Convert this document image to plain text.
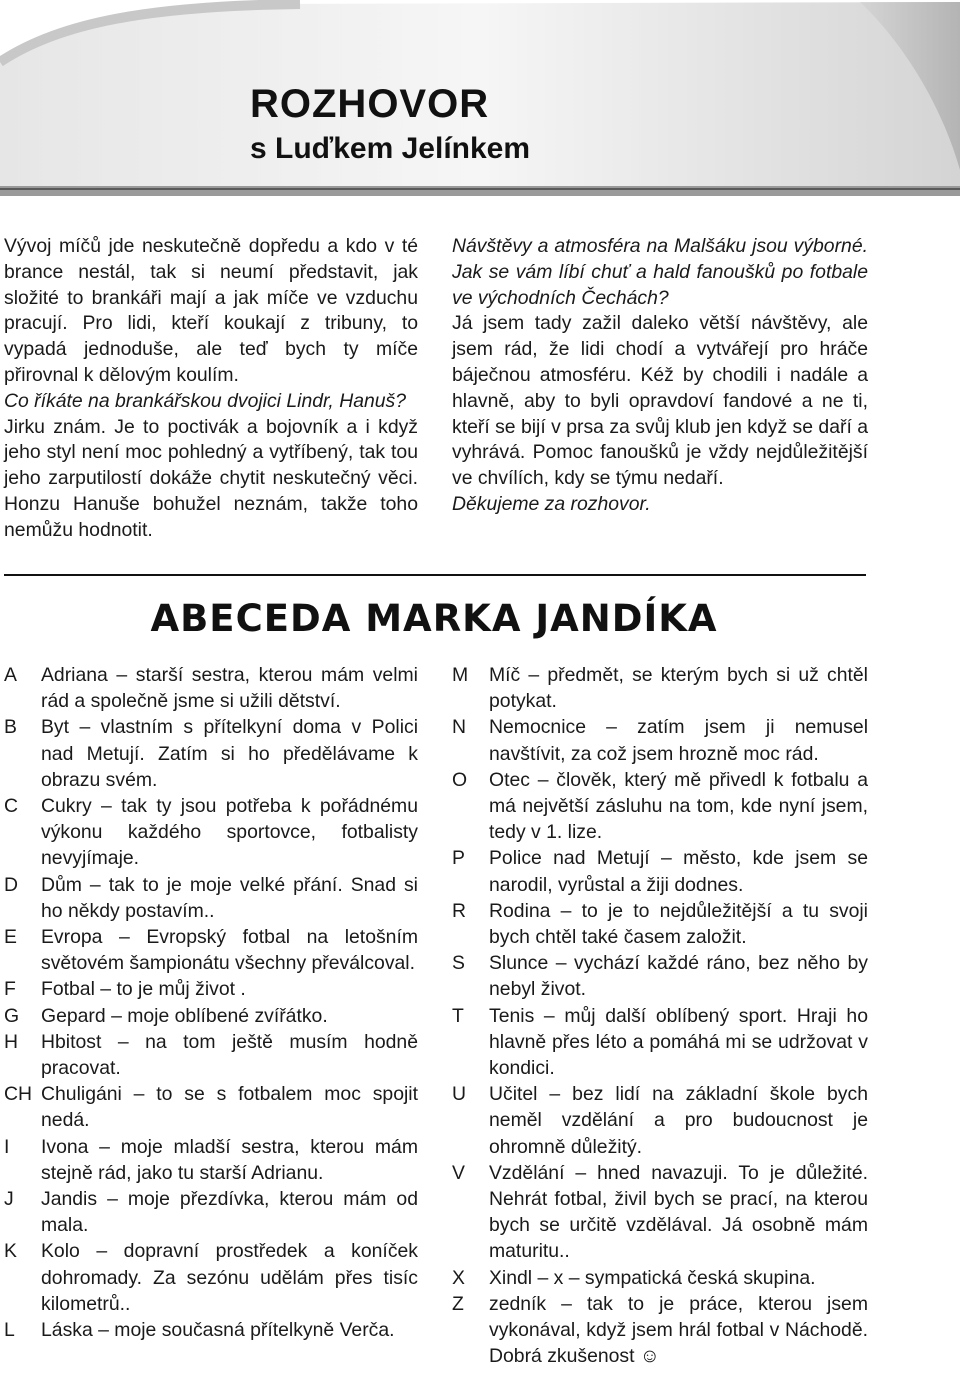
ROZHOVOR
s Luďkem Jelínkem

Vývoj míčů jde neskutečně dopředu a kdo v té brance nestál, tak si neumí představit, jak složité to brankáři mají a jak míče ve vzduchu pracují. Pro lidi, kteří koukají z tribuny, to vypadá jednoduše, ale teď bych ty míče přirovnal k dělovým koulím.

Co říkáte na brankářskou dvojici Lindr, Hanuš?

Jirku znám. Je to poctivák a bojovník a i když jeho styl není moc pohledný a vytříbený, tak tou jeho zarputilostí dokáže chytit neskutečný věci. Honzu Hanuše bohužel neznám, takže toho nemůžu hodnotit.

Návštěvy a atmosféra na Malšáku jsou výborné. Jak se vám líbí chuť a hald fanoušků po fotbale ve východních Čechách?

Já jsem tady zažil daleko větší návštěvy, ale jsem rád, že lidi chodí a vytvářejí pro hráče báječnou atmosféru. Kéž by chodili i nadále a hlavně, aby to byli opravdoví fandové a ne ti, kteří se bijí v prsa za svůj klub jen když se daří a vyhrává. Pomoc fanoušků je vždy nejdůležitější ve chvílích, kdy se týmu nedaří.

Děkujeme za rozhovor.

ABECEDA MARKA JANDÍKA
A	Adriana – starší sestra, kterou mám velmi rád a společně jsme si užili dětství.
B	Byt – vlastním s přítelkyní doma v Polici nad Metují. Zatím si ho předělávame k obrazu svém.
C	Cukry – tak ty jsou potřeba k pořádnému výkonu každého sportovce, fotbalisty nevyjímaje.
D	Dům – tak to je moje velké přání. Snad si ho někdy postavím..
E	Evropa – Evropský fotbal na letošním světovém šampionátu všechny převálcoval.
F	Fotbal – to je můj život .
G	Gepard – moje oblíbené zvířátko.
H	Hbitost – na tom ještě musím hodně pracovat.
CH Chuligáni – to se s fotbalem moc spojit nedá.
I	Ivona – moje mladší sestra, kterou mám stejně rád, jako tu starší Adrianu.
J	Jandis – moje přezdívka, kterou mám od mala.
K	Kolo – dopravní prostředek a koníček dohromady. Za sezónu udělám přes tisíc kilometrů..
L	Láska – moje současná přítelkyně Verča.
M	Míč – předmět, se kterým bych si už chtěl potykat.
N	Nemocnice – zatím jsem ji nemusel navštívit, za což jsem hrozně moc rád.
O	Otec – člověk, který mě přivedl k fotbalu a má největší zásluhu na tom, kde nyní jsem, tedy v 1. lize.
P	Police nad Metují – město, kde jsem se narodil, vyrůstal a žiji dodnes.
R	Rodina – to je to nejdůležitější a tu svoji bych chtěl také časem založit.
S	Slunce – vychází každé ráno, bez něho by nebyl život.
T	Tenis – můj další oblíbený sport. Hraji ho hlavně přes léto a pomáhá mi se udržovat v kondici.
U	Učitel – bez lidí na základní škole bych neměl vzdělání a pro budoucnost je ohromně důležitý.
V	Vzdělání – hned navazuji. To je důležité. Nehrát fotbal, živil bych se prací, na kterou bych se určitě vzdělával. Já osobně mám maturitu..
X	Xindl – x – sympatická česká skupina.
Z	zedník – tak to je práce, kterou jsem vykonával, když jsem hrál fotbal v Náchodě. Dobrá zkušenost ☺
